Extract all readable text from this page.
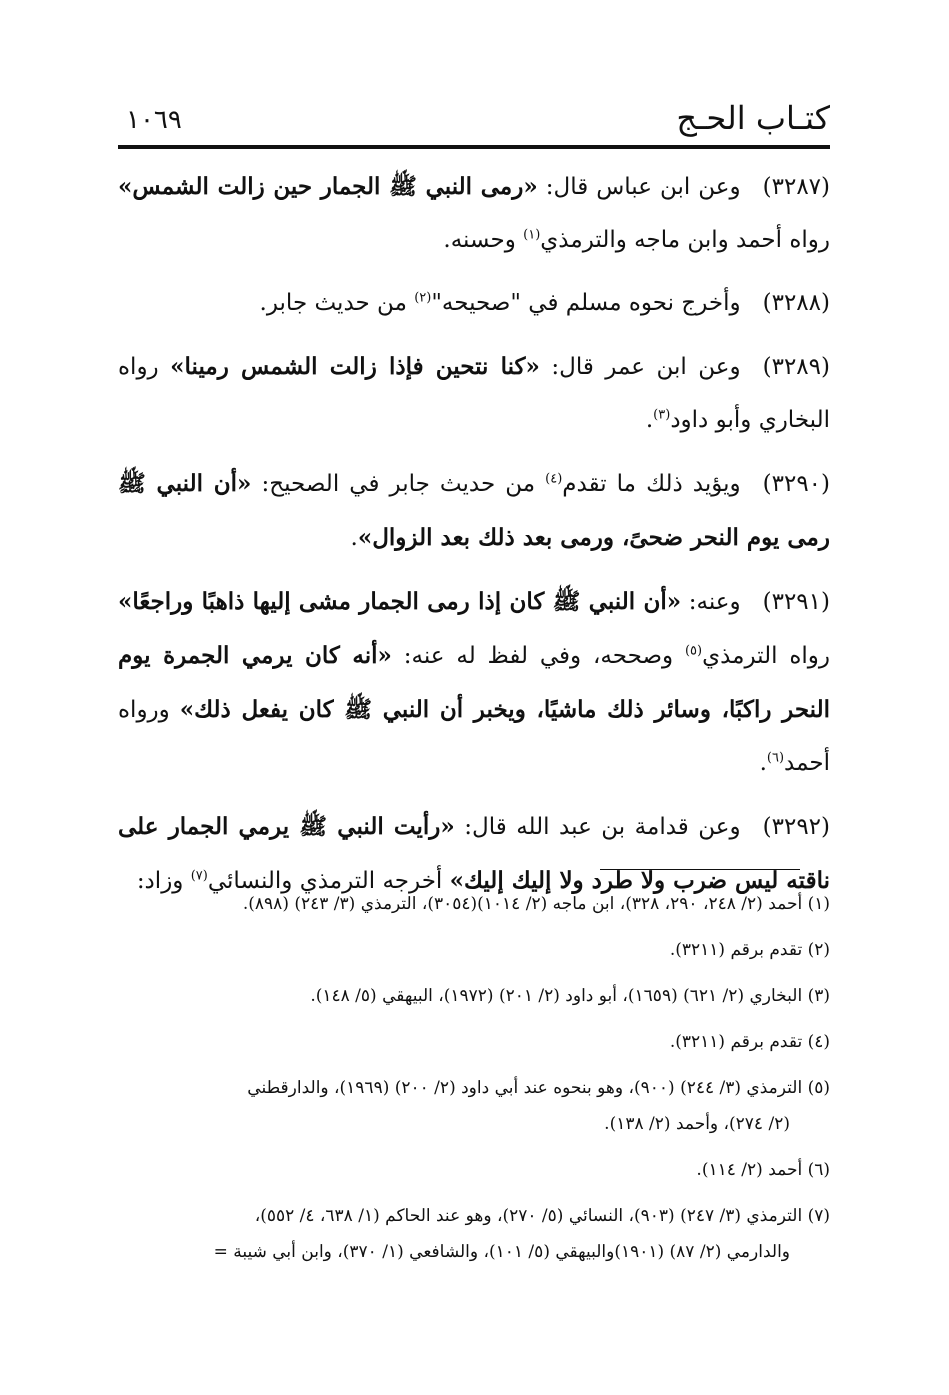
كتـاب الحـج
١٠٦٩

(٣٢٨٧)وعن ابن عباس قال: «رمى النبي ﷺ الجمار حين زالت الشمس» رواه أحمد وابن ماجه والترمذي$^{(١)}$ وحسنه.

(٣٢٨٨)وأخرج نحوه مسلم في "صحيحه"$^{(٢)}$ من حديث جابر.

(٣٢٨٩)وعن ابن عمر قال: «كنا نتحين فإذا زالت الشمس رمينا» رواه البخاري وأبو داود$^{(٣)}$.

(٣٢٩٠)ويؤيد ذلك ما تقدم$^{(٤)}$ من حديث جابر في الصحيح: «أن النبي ﷺ رمى يوم النحر ضحىً، ورمى بعد ذلك بعد الزوال».

(٣٢٩١)وعنه: «أن النبي ﷺ كان إذا رمى الجمار مشى إليها ذاهبًا وراجعًا» رواه الترمذي$^{(٥)}$ وصححه، وفي لفظ له عنه: «أنه كان يرمي الجمرة يوم النحر راكبًا، وسائر ذلك ماشيًا، ويخبر أن النبي ﷺ كان يفعل ذلك» ورواه أحمد$^{(٦)}$.

(٣٢٩٢)وعن قدامة بن عبد الله قال: «رأيت النبي ﷺ يرمي الجمار على ناقته ليس ضرب ولا طرد ولا إليك إليك» أخرجه الترمذي والنسائي$^{(٧)}$ وزاد:

(١) أحمد (٢/ ٢٤٨، ٢٩٠، ٣٢٨)، ابن ماجه (٢/ ١٠١٤)(٣٠٥٤)، الترمذي (٣/ ٢٤٣) (٨٩٨).

(٢) تقدم برقم (٣٢١١).

(٣) البخاري (٢/ ٦٢١) (١٦٥٩)، أبو داود (٢/ ٢٠١) (١٩٧٢)، البيهقي (٥/ ١٤٨).

(٤) تقدم برقم (٣٢١١).

(٥) الترمذي (٣/ ٢٤٤) (٩٠٠)، وهو بنحوه عند أبي داود (٢/ ٢٠٠) (١٩٦٩)، والدارقطني
(٢/ ٢٧٤)، وأحمد (٢/ ١٣٨).

(٦) أحمد (٢/ ١١٤).

(٧) الترمذي (٣/ ٢٤٧) (٩٠٣)، النسائي (٥/ ٢٧٠)، وهو عند الحاكم (١/ ٦٣٨، ٤/ ٥٥٢)،
والدارمي (٢/ ٨٧) (١٩٠١)والبيهقي (٥/ ١٠١)، والشافعي (١/ ٣٧٠)، وابن أبي شيبة =
